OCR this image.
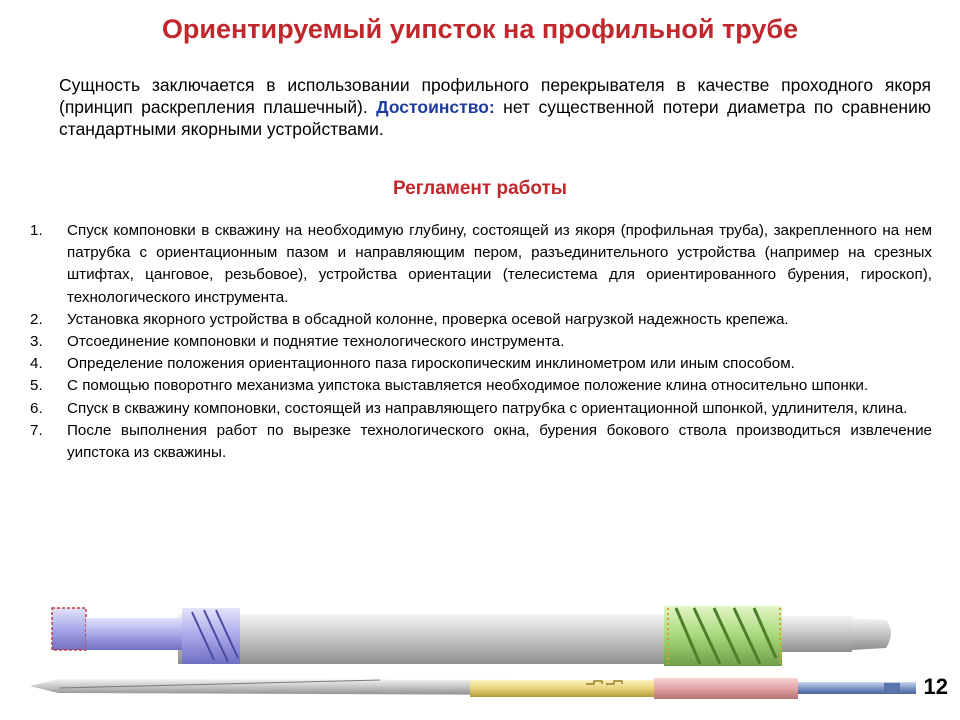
Ориентируемый уипсток на профильной трубе

Сущность заключается в использовании профильного перекрывателя в качестве проходного якоря (принцип раскрепления плашечный). Достоинство: нет существенной потери диаметра по сравнению стандартными якорными устройствами.

Регламент работы
1. Спуск компоновки в скважину на необходимую глубину, состоящей из якоря (профильная труба), закрепленного на нем патрубка с ориентационным пазом и направляющим пером, разъединительного устройства (например на срезных штифтах, цанговое, резьбовое), устройства ориентации (телесистема для ориентированного бурения, гироскоп), технологического инструмента.
2. Установка якорного устройства в обсадной колонне, проверка осевой нагрузкой надежность крепежа.
3. Отсоединение компоновки и поднятие технологического инструмента.
4. Определение положения ориентационного паза гироскопическим инклинометром или иным способом.
5. С помощью поворотнго механизма уипстока выставляется необходимое положение клина относительно шпонки.
6. Спуск в скважину компоновки, состоящей из направляющего патрубка с ориентационной шпонкой, удлинителя, клина.
7. После выполнения работ по вырезке технологического окна, бурения бокового ствола производиться извлечение уипстока из скважины.
12
